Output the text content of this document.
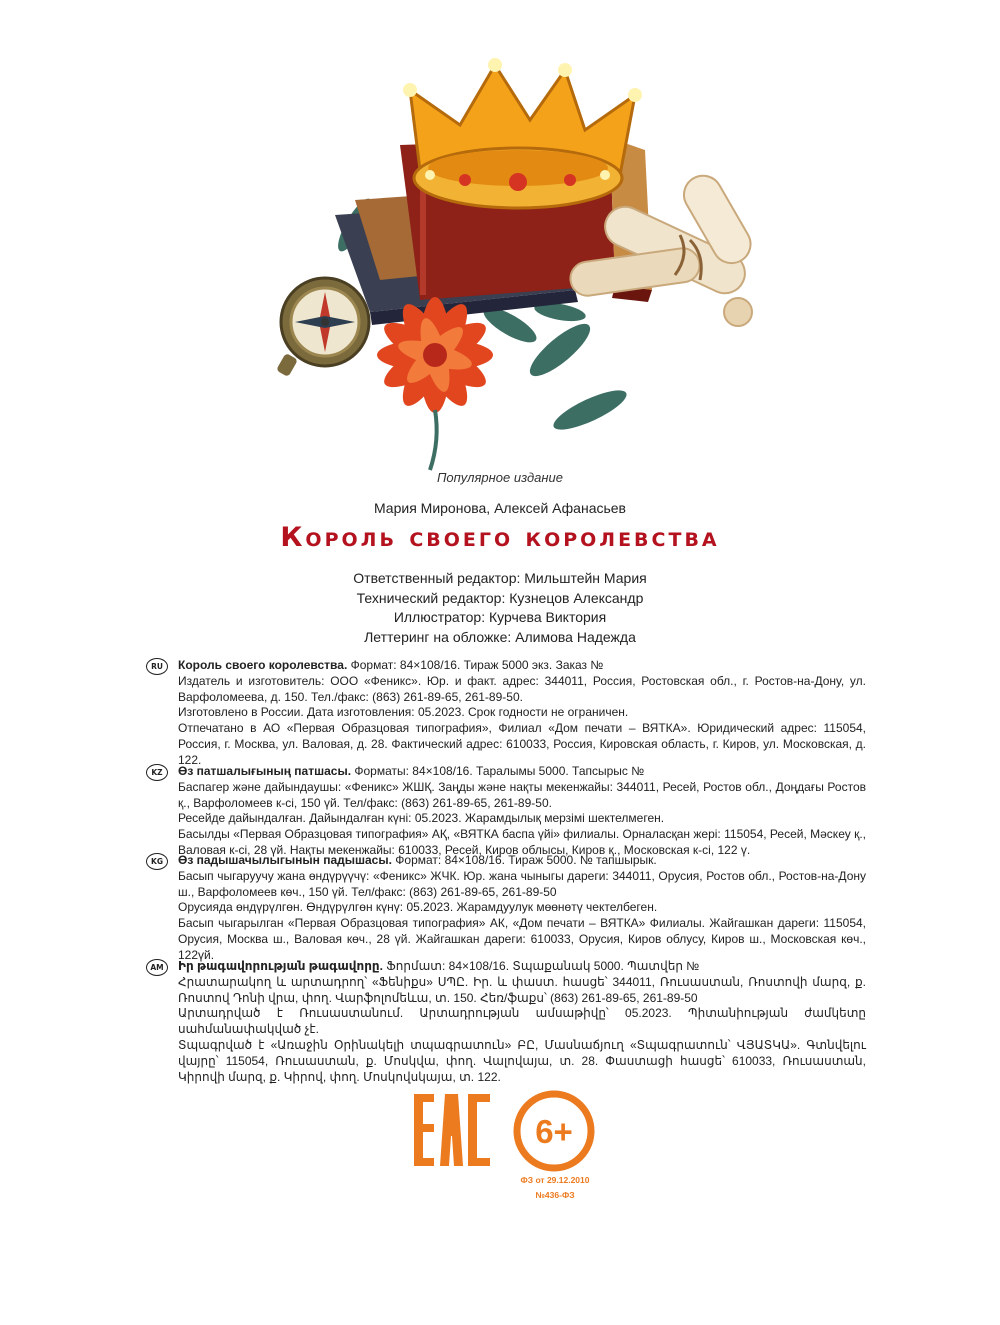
Популярное издание
Мария Миронова, Алексей Афанасьев
Король своего королевства
Ответственный редактор: Мильштейн Мария
Технический редактор: Кузнецов Александр
Иллюстратор: Курчева Виктория
Леттеринг на обложке: Алимова Надежда
RU	Король своего королевства. Формат: 84×108/16. Тираж 5000 экз. Заказ №

Издатель и изготовитель: ООО «Феникс». Юр. и факт. адрес: 344011, Россия, Ростовская обл., г. Ростов-на-Дону, ул. Варфоломеева, д. 150. Тел./факс: (863) 261-89-65, 261-89-50.

Изготовлено в России. Дата изготовления: 05.2023. Срок годности не ограничен.

Отпечатано в АО «Первая Образцовая типография», Филиал «Дом печати – ВЯТКА». Юридический адрес: 115054, Россия, г. Москва, ул. Валовая, д. 28. Фактический адрес: 610033, Россия, Кировская область, г. Киров, ул. Московская, д. 122.

KZ	Өз патшалығының патшасы. Форматы: 84×108/16. Таралымы 5000. Тапсырыс №

Баспагер және дайындаушы: «Феникс» ЖШҚ. Заңды және нақты мекенжайы: 344011, Ресей, Ростов обл., Доңдағы Ростов қ., Варфоломеев к-сі, 150 үй. Тел/факс: (863) 261-89-65, 261-89-50.

Ресейде дайындалған. Дайындалған күні: 05.2023. Жарамдылық мерзімі шектелмеген.

Басылды «Первая Образцовая типография» АҚ, «ВЯТКА баспа үйі» филиалы. Орналасқан жері: 115054, Ресей, Мәскеу қ., Валовая к-сі, 28 үй. Нақты мекенжайы: 610033, Ресей, Киров облысы, Киров қ., Московская к-сі, 122 ү.

KG	Өз падышачылыгынын падышасы. Формат: 84×108/16. Тираж 5000. № тапшырык.

Басып чыгаруучу жана өндүрүүчү: «Феникс» ЖЧК. Юр. жана чыныгы дареги: 344011, Орусия, Ростов обл., Ростов-на-Дону ш., Варфоломеев көч., 150 үй. Тел/факс: (863) 261-89-65, 261-89-50

Орусияда өндүрүлгөн. Өндүрүлгөн күнү: 05.2023. Жарамдуулук мөөнөтү чектелбеген.

Басып чыгарылган «Первая Образцовая типография» АК, «Дом печати – ВЯТКА» Филиалы. Жайгашкан дареги: 115054, Орусия, Москва ш., Валовая көч., 28 үй. Жайгашкан дареги: 610033, Орусия, Киров облусу, Киров ш., Московская көч., 122үй.

AM	Իր թագավորության թագավորը. Ֆորմատ: 84×108/16. Տպաքանակ 5000. Պատվեր №

Հրատարակող և արտադրող՝ «Ֆենիքս» ՍՊԸ. Իր. և փաստ. հասցե՝ 344011, Ռուսաստան, Ռոստովի մարզ, ք. Ռոստով Դոնի վրա, փող. Վարֆոլոմեևա, տ. 150. Հեռ/ֆաքս՝ (863) 261-89-65, 261-89-50

Արտադրված է Ռուսաստանում. Արտադրության ամսաթիվը՝ 05.2023. Պիտանիության ժամկետը սահմանափակված չէ.

Տպագրված է «Առաջին Օրինակելի տպագրատուն» ԲԸ, Մասնաճյուղ «Տպագրատուն՝ ՎՅԱՏԿԱ». Գտնվելու վայրը՝ 115054, Ռուսաստան, ք. Մոսկվա, փող. Վալովայա, տ. 28. Փաստացի հասցե՝ 610033, Ռուսաստան, Կիրովի մարզ, ք. Կիրով, փող. Մոսկովսկայա, տ. 122.

6+
ФЗ от 29.12.2010
№436-ФЗ
